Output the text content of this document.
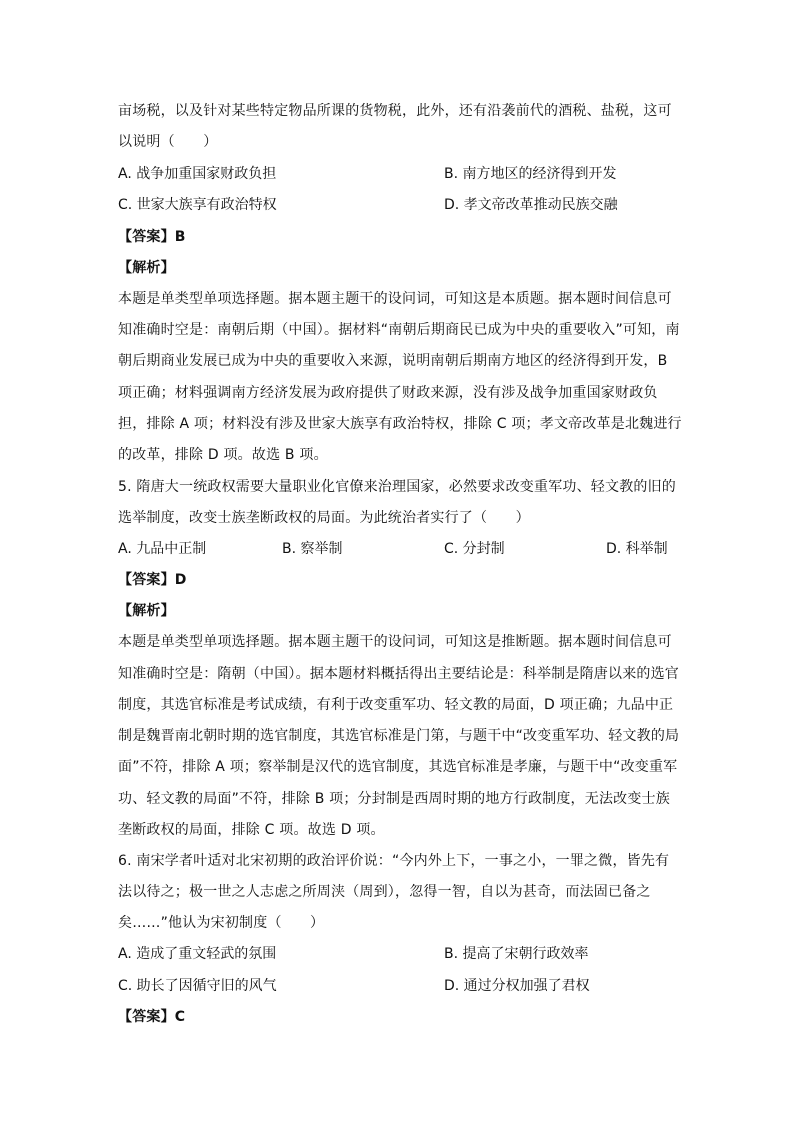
亩场税，以及针对某些特定物品所课的货物税，此外，还有沿袭前代的酒税、盐税，这可
以说明（　　）
A. 战争加重国家财政负担	B. 南方地区的经济得到开发
C. 世家大族享有政治特权	D. 孝文帝改革推动民族交融
【答案】B
【解析】
本题是单类型单项选择题。据本题主题干的设问词，可知这是本质题。据本题时间信息可
知准确时空是：南朝后期（中国）。据材料“南朝后期商民已成为中央的重要收入”可知，南
朝后期商业发展已成为中央的重要收入来源，说明南朝后期南方地区的经济得到开发，B
项正确；材料强调南方经济发展为政府提供了财政来源，没有涉及战争加重国家财政负
担，排除 A 项；材料没有涉及世家大族享有政治特权，排除 C 项；孝文帝改革是北魏进行
的改革，排除 D 项。故选 B 项。
5. 隋唐大一统政权需要大量职业化官僚来治理国家，必然要求改变重军功、轻文教的旧的
选举制度，改变士族垄断政权的局面。为此统治者实行了（　　）
A. 九品中正制	B. 察举制	C. 分封制	D. 科举制
【答案】D
【解析】
本题是单类型单项选择题。据本题主题干的设问词，可知这是推断题。据本题时间信息可
知准确时空是：隋朝（中国）。据本题材料概括得出主要结论是：科举制是隋唐以来的选官
制度，其选官标准是考试成绩，有利于改变重军功、轻文教的局面，D 项正确；九品中正
制是魏晋南北朝时期的选官制度，其选官标准是门第，与题干中“改变重军功、轻文教的局
面”不符，排除 A 项；察举制是汉代的选官制度，其选官标准是孝廉，与题干中“改变重军
功、轻文教的局面”不符，排除 B 项；分封制是西周时期的地方行政制度，无法改变士族
垄断政权的局面，排除 C 项。故选 D 项。
6. 南宋学者叶适对北宋初期的政治评价说：“今内外上下，一事之小，一罪之微，皆先有
法以待之；极一世之人志虑之所周浃（周到），忽得一智，自以为甚奇，而法固已备之
矣……”他认为宋初制度（　　）
A. 造成了重文轻武的氛围	B. 提高了宋朝行政效率
C. 助长了因循守旧的风气	D. 通过分权加强了君权
【答案】C
